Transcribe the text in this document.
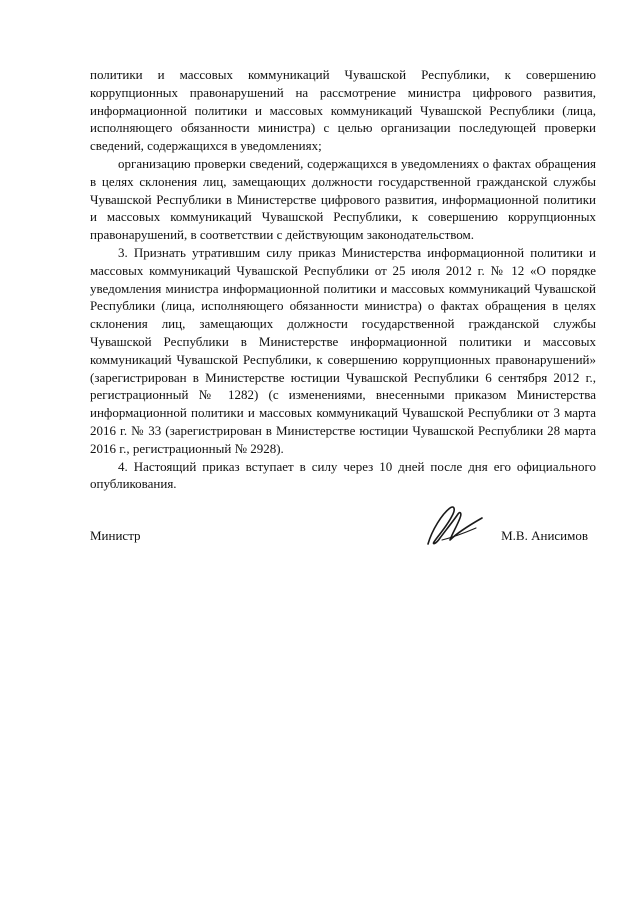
политики и массовых коммуникаций Чувашской Республики, к совершению коррупционных правонарушений на рассмотрение министра цифрового развития, информационной политики и массовых коммуникаций Чувашской Республики (лица, исполняющего обязанности министра) с целью организации последующей проверки сведений, содержащихся в уведомлениях;

организацию проверки сведений, содержащихся в уведомлениях о фактах обращения в целях склонения лиц, замещающих должности государственной гражданской службы Чувашской Республики в Министерстве цифрового развития, информационной политики и массовых коммуникаций Чувашской Республики, к совершению коррупционных правонарушений, в соответствии с действующим законодательством.

3. Признать утратившим силу приказ Министерства информационной политики и массовых коммуникаций Чувашской Республики от 25 июля 2012 г. № 12 «О порядке уведомления министра информационной политики и массовых коммуникаций Чувашской Республики (лица, исполняющего обязанности министра) о фактах обращения в целях склонения лиц, замещающих должности государственной гражданской службы Чувашской Республики в Министерстве информационной политики и массовых коммуникаций Чувашской Республики, к совершению коррупционных правонарушений» (зарегистрирован в Министерстве юстиции Чувашской Республики 6 сентября 2012 г., регистрационный № 1282) (с изменениями, внесенными приказом Министерства информационной политики и массовых коммуникаций Чувашской Республики от 3 марта 2016 г. № 33 (зарегистрирован в Министерстве юстиции Чувашской Республики 28 марта 2016 г., регистрационный № 2928).

4. Настоящий приказ вступает в силу через 10 дней после дня его официального опубликования.

Министр	М.В. Анисимов
